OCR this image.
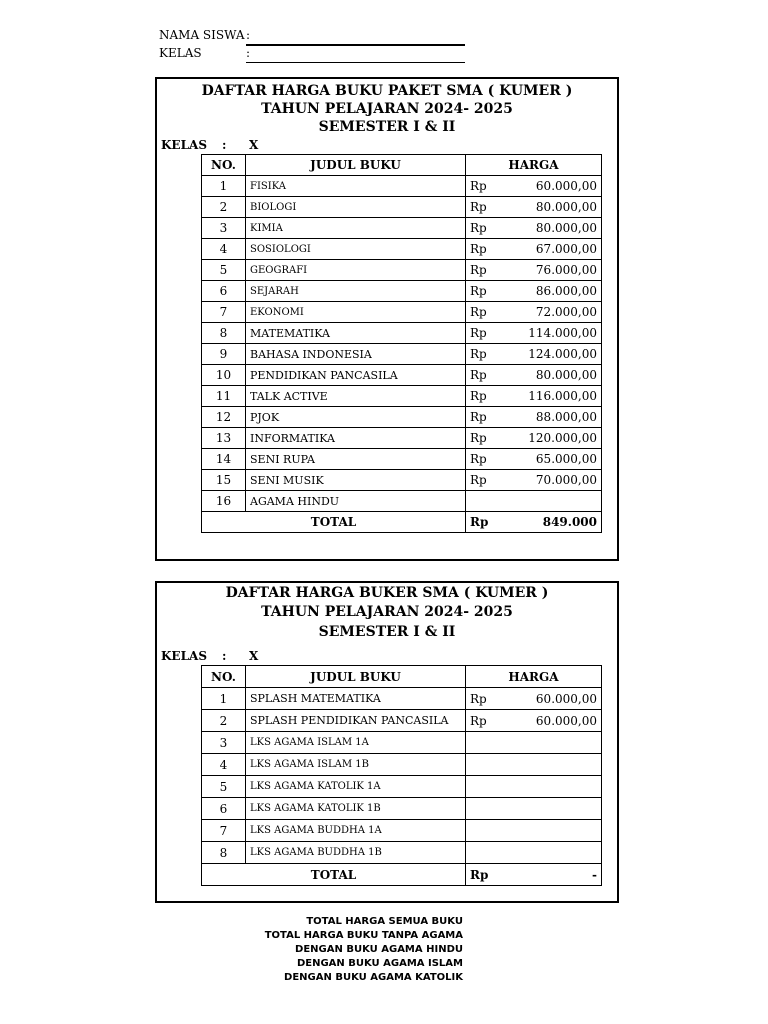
NAMA SISWA :
KELAS	:
DAFTAR HARGA BUKU PAKET SMA ( KUMER )
TAHUN PELAJARAN 2024- 2025
SEMESTER I & II
KELAS : X
NO.	JUDUL BUKU	HARGA	
1	FISIKA	Rp	60.000,00
2	BIOLOGI	Rp	80.000,00
3	KIMIA	Rp	80.000,00
4	SOSIOLOGI	Rp	67.000,00
5	GEOGRAFI	Rp	76.000,00
6	SEJARAH	Rp	86.000,00
7	EKONOMI	Rp	72.000,00
8	MATEMATIKA	Rp	114.000,00
9	BAHASA INDONESIA	Rp	124.000,00
10	PENDIDIKAN PANCASILA	Rp	80.000,00
11	TALK ACTIVE	Rp	116.000,00
12	PJOK	Rp	88.000,00
13	INFORMATIKA	Rp	120.000,00
14	SENI RUPA	Rp	65.000,00
15	SENI MUSIK	Rp	70.000,00
16	AGAMA HINDU		
TOTAL		Rp	849.000
DAFTAR HARGA BUKER SMA ( KUMER )
TAHUN PELAJARAN 2024- 2025
SEMESTER I & II
KELAS : X
NO.	JUDUL BUKU	HARGA	
1	SPLASH MATEMATIKA	Rp	60.000,00
2	SPLASH PENDIDIKAN PANCASILA	Rp	60.000,00
3	LKS AGAMA ISLAM 1A		
4	LKS AGAMA ISLAM 1B		
5	LKS AGAMA KATOLIK 1A		
6	LKS AGAMA KATOLIK 1B		
7	LKS AGAMA BUDDHA 1A		
8	LKS AGAMA BUDDHA 1B		
TOTAL		Rp	-
TOTAL HARGA SEMUA BUKU
TOTAL HARGA BUKU TANPA AGAMA
DENGAN BUKU AGAMA HINDU
DENGAN BUKU AGAMA ISLAM
DENGAN BUKU AGAMA KATOLIK
